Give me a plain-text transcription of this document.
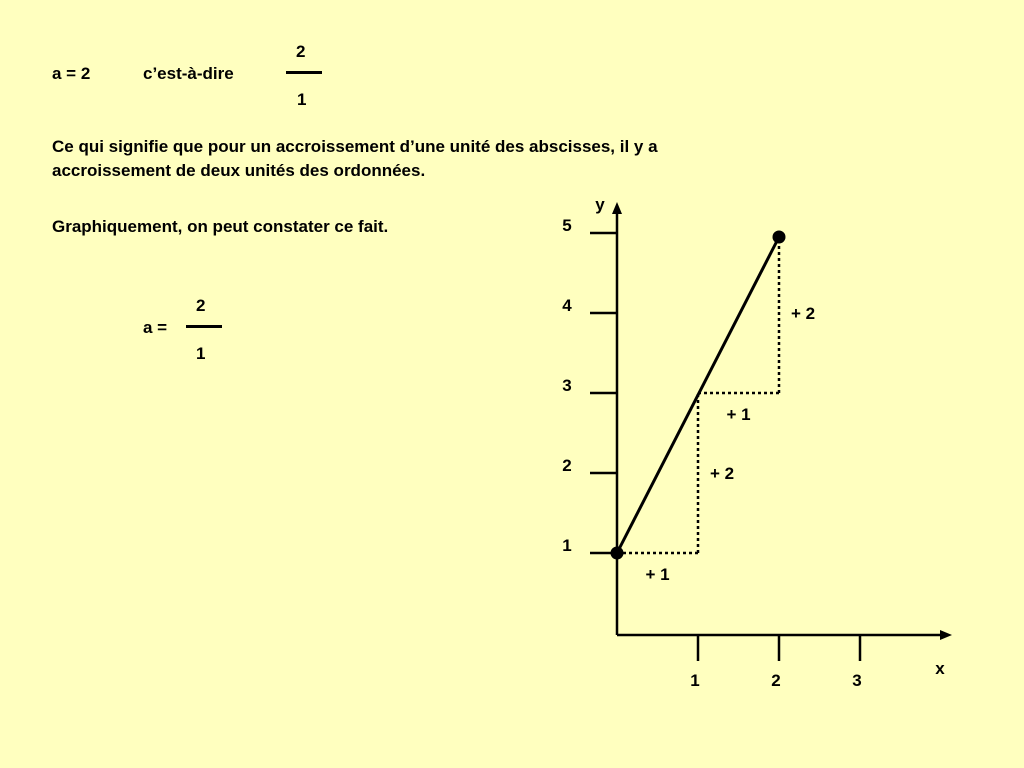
a = 2	c’est-à-dire
2
1
Ce qui signifie que pour un accroissement d’une unité des abscisses, il y a
accroissement de deux unités des ordonnées.
Graphiquement, on peut constater ce fait.
a =
2
1
y
x
1	2	3
1
2
3
4
5
+ 1
+ 2
+ 1
+ 2
